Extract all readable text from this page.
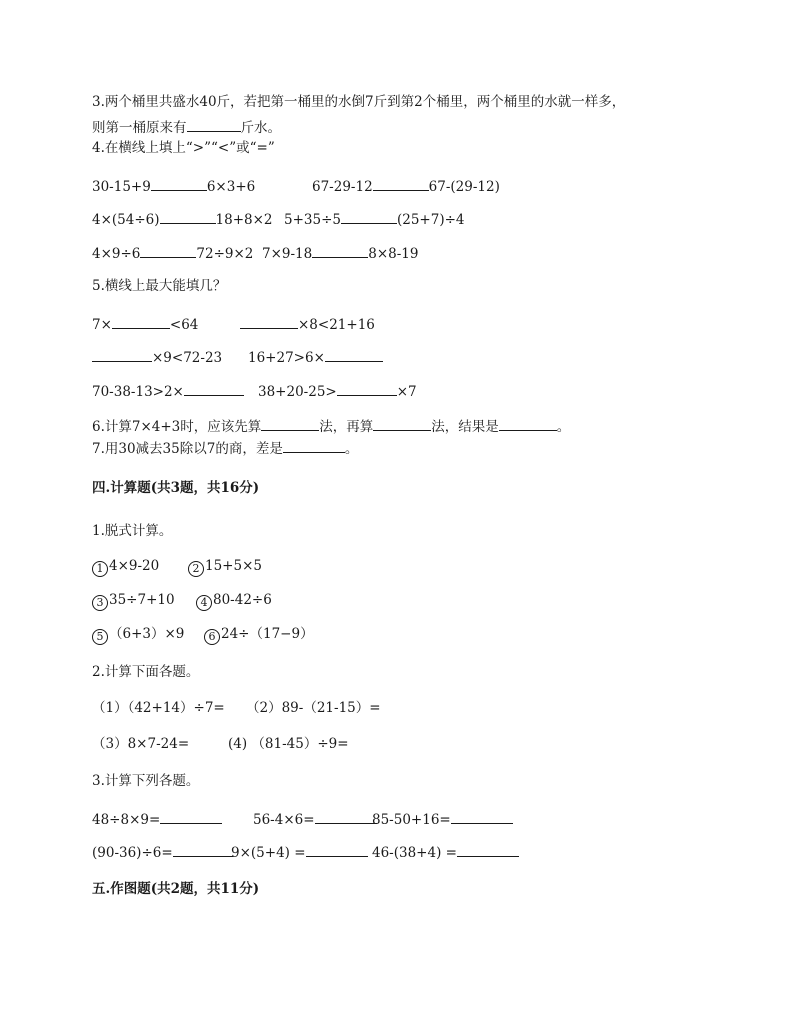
3.两个桶里共盛水40斤，若把第一桶里的水倒7斤到第2个桶里，两个桶里的水就一样多，
则第一桶原来有	斤水。
4.在横线上填上“>”“<”或“=”
30-15+9	6×3+6	67-29-12	67-(29-12)
4×(54÷6)	18+8×2 5+35÷5	(25+7)÷4
4×9÷6	72÷9×2 7×9-18	8×8-19
5.横线上最大能填几？
7×	<64	×8<21+16
×9<72-23 16+27>6×
70-38-13>2×	38+20-25>	×7
6.计算7×4+3时，应该先算	法，再算	法，结果是	。
7.用30减去35除以7的商，差是	。
四.计算题(共3题，共16分)
1.脱式计算。
1 4×9-20	2 15+5×5
3 35÷7+10	4 80-42÷6
5 （6+3）×9	6 24÷（17−9）
2.计算下面各题。
（1）（42+14）÷7= （2）89-（21-15）=
（3）8×7-24=	(4) （81-45）÷9=
3.计算下列各题。
48÷8×9=	56-4×6=	85-50+16=
(90-36)÷6=	9×(5+4) =	46-(38+4) =
五.作图题(共2题，共11分)
